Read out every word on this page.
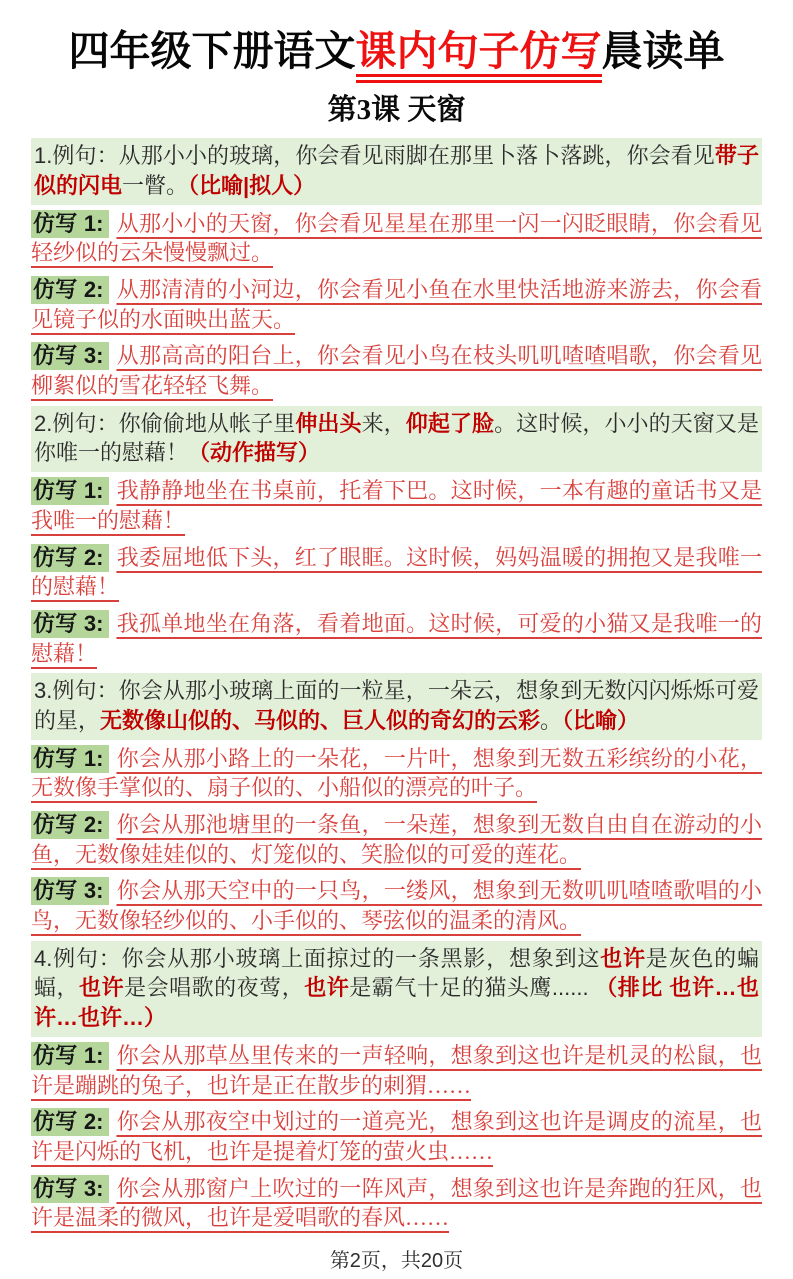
四年级下册语文课内句子仿写晨读单
第3课 天窗

1.例句：从那小小的玻璃，你会看见雨脚在那里卜落卜落跳，你会看见带子似的闪电一瞥。（比喻|拟人）

仿写 1: 从那小小的天窗，你会看见星星在那里一闪一闪眨眼睛，你会看见轻纱似的云朵慢慢飘过。

仿写 2: 从那清清的小河边，你会看见小鱼在水里快活地游来游去，你会看见镜子似的水面映出蓝天。

仿写 3: 从那高高的阳台上，你会看见小鸟在枝头叽叽喳喳唱歌，你会看见柳絮似的雪花轻轻飞舞。

2.例句：你偷偷地从帐子里伸出头来，仰起了脸。这时候，小小的天窗又是你唯一的慰藉！（动作描写）

仿写 1: 我静静地坐在书桌前，托着下巴。这时候，一本有趣的童话书又是我唯一的慰藉！

仿写 2: 我委屈地低下头，红了眼眶。这时候，妈妈温暖的拥抱又是我唯一的慰藉！

仿写 3: 我孤单地坐在角落，看着地面。这时候，可爱的小猫又是我唯一的慰藉！

3.例句：你会从那小玻璃上面的一粒星，一朵云，想象到无数闪闪烁烁可爱的星，无数像山似的、马似的、巨人似的奇幻的云彩。（比喻）

仿写 1: 你会从那小路上的一朵花，一片叶，想象到无数五彩缤纷的小花，无数像手掌似的、扇子似的、小船似的漂亮的叶子。

仿写 2: 你会从那池塘里的一条鱼，一朵莲，想象到无数自由自在游动的小鱼，无数像娃娃似的、灯笼似的、笑脸似的可爱的莲花。

仿写 3: 你会从那天空中的一只鸟，一缕风，想象到无数叽叽喳喳歌唱的小鸟，无数像轻纱似的、小手似的、琴弦似的温柔的清风。

4.例句：你会从那小玻璃上面掠过的一条黑影，想象到这也许是灰色的蝙蝠，也许是会唱歌的夜莺，也许是霸气十足的猫头鹰...... （排比 也许…也许…也许…）

仿写 1: 你会从那草丛里传来的一声轻响，想象到这也许是机灵的松鼠，也许是蹦跳的兔子，也许是正在散步的刺猬……

仿写 2: 你会从那夜空中划过的一道亮光，想象到这也许是调皮的流星，也许是闪烁的飞机，也许是提着灯笼的萤火虫……

仿写 3: 你会从那窗户上吹过的一阵风声，想象到这也许是奔跑的狂风，也许是温柔的微风，也许是爱唱歌的春风……

第2页，共20页
